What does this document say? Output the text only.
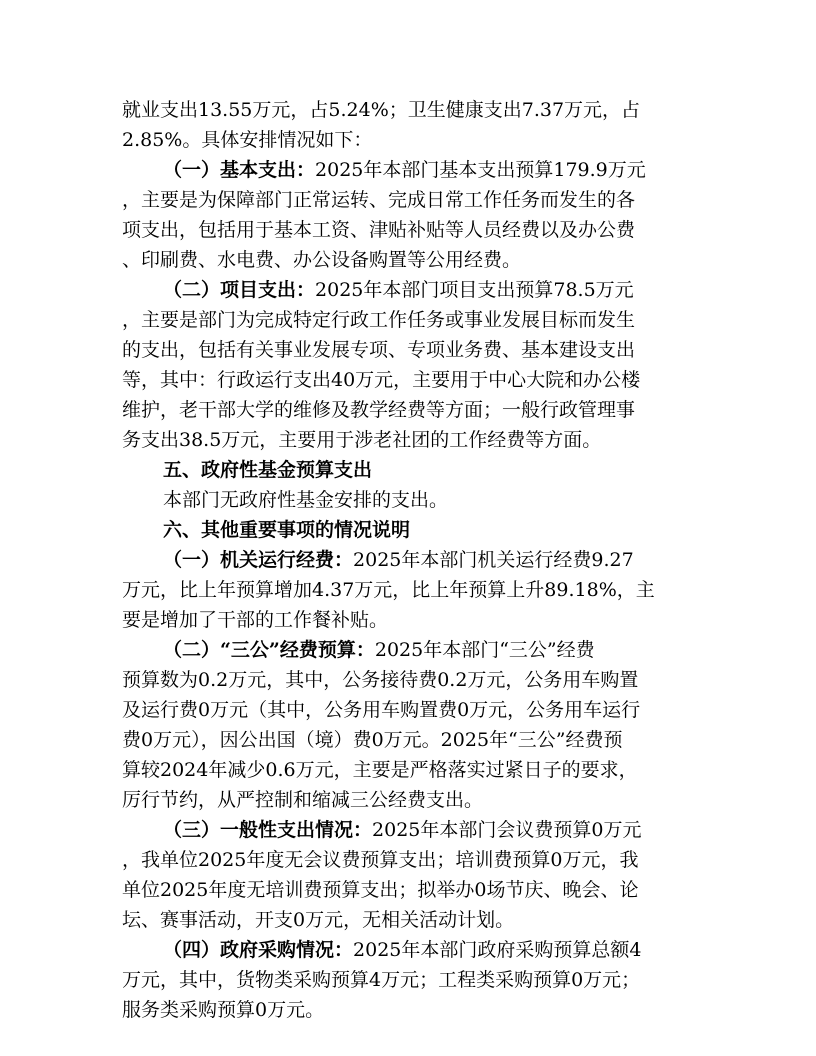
就业支出13.55万元，占5.24%；卫生健康支出7.37万元，占
2.85%。具体安排情况如下：
（一）基本支出：2025年本部门基本支出预算179.9万元
，主要是为保障部门正常运转、完成日常工作任务而发生的各
项支出，包括用于基本工资、津贴补贴等人员经费以及办公费
、印刷费、水电费、办公设备购置等公用经费。
（二）项目支出：2025年本部门项目支出预算78.5万元
，主要是部门为完成特定行政工作任务或事业发展目标而发生
的支出，包括有关事业发展专项、专项业务费、基本建设支出
等，其中：行政运行支出40万元，主要用于中心大院和办公楼
维护，老干部大学的维修及教学经费等方面；一般行政管理事
务支出38.5万元，主要用于涉老社团的工作经费等方面。
五、政府性基金预算支出
本部门无政府性基金安排的支出。
六、其他重要事项的情况说明
（一）机关运行经费：2025年本部门机关运行经费9.27
万元，比上年预算增加4.37万元，比上年预算上升89.18%，主
要是增加了干部的工作餐补贴。
（二）“三公”经费预算：2025年本部门“三公”经费
预算数为0.2万元，其中，公务接待费0.2万元，公务用车购置
及运行费0万元（其中，公务用车购置费0万元，公务用车运行
费0万元），因公出国（境）费0万元。2025年“三公”经费预
算较2024年减少0.6万元，主要是严格落实过紧日子的要求，
厉行节约，从严控制和缩减三公经费支出。
（三）一般性支出情况：2025年本部门会议费预算0万元
，我单位2025年度无会议费预算支出；培训费预算0万元，我
单位2025年度无培训费预算支出；拟举办0场节庆、晚会、论
坛、赛事活动，开支0万元，无相关活动计划。
（四）政府采购情况：2025年本部门政府采购预算总额4
万元，其中，货物类采购预算4万元；工程类采购预算0万元；
服务类采购预算0万元。
